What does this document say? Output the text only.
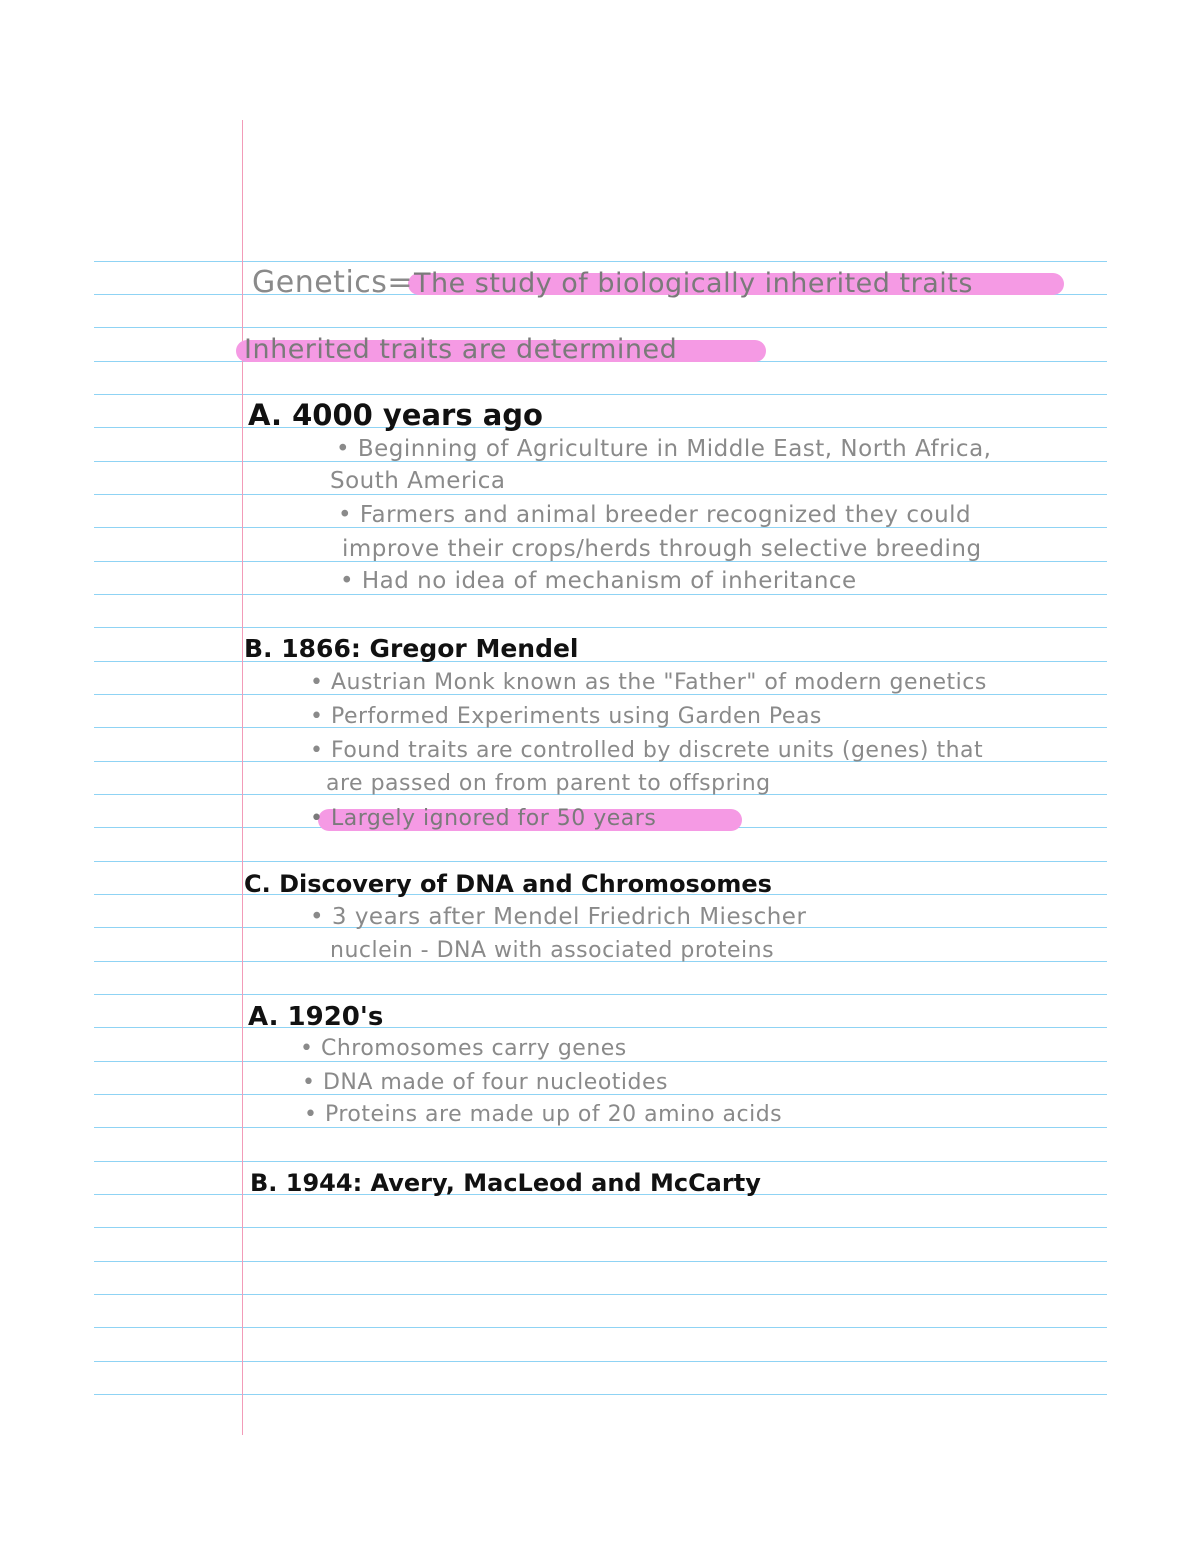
Genetics= The study of biologically inherited traits
Inherited traits are determined
A. 4000 years ago
• Beginning of Agriculture in Middle East, North Africa,
South America
• Farmers and animal breeder recognized they could
improve their crops/herds through selective breeding
• Had no idea of mechanism of inheritance
B. 1866: Gregor Mendel
• Austrian Monk known as the "Father" of modern genetics
• Performed Experiments using Garden Peas
• Found traits are controlled by discrete units (genes) that
are passed on from parent to offspring
• Largely ignored for 50 years
C. Discovery of DNA and Chromosomes
• 3 years after Mendel Friedrich Miescher
nuclein - DNA with associated proteins
A. 1920's
• Chromosomes carry genes
• DNA made of four nucleotides
• Proteins are made up of 20 amino acids
B. 1944: Avery, MacLeod and McCarty
